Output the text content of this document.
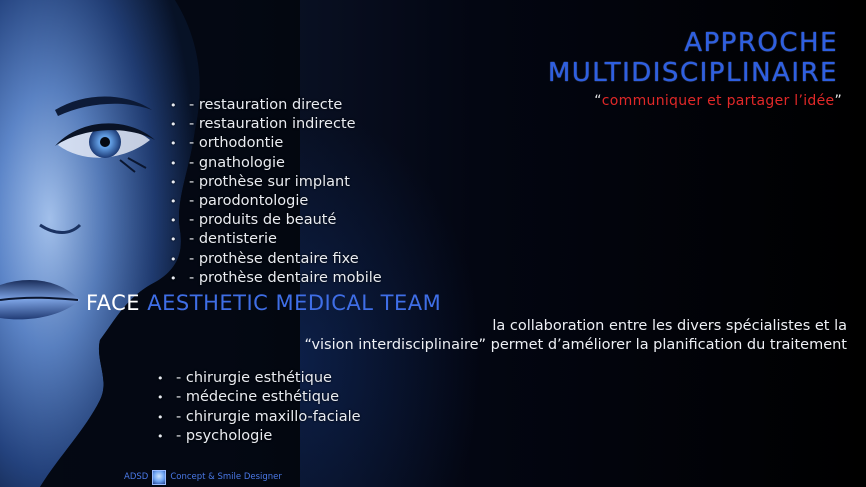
APPROCHE
MULTIDISCIPLINAIRE

“communiquer et partager l’idée”

• - restauration directe
• - restauration indirecte
• - orthodontie
• - gnathologie
• - prothèse sur implant
• - parodontologie
• - produits de beauté
• - dentisterie
• - prothèse dentaire fixe
• - prothèse dentaire mobile
FACE AESTHETIC MEDICAL TEAM

la collaboration entre les divers spécialistes et la

“vision interdisciplinaire” permet d’améliorer la planification du traitement

• - chirurgie esthétique
• - médecine esthétique
• - chirurgie maxillo-faciale
• - psychologie
ADSD	Concept & Smile Designer
